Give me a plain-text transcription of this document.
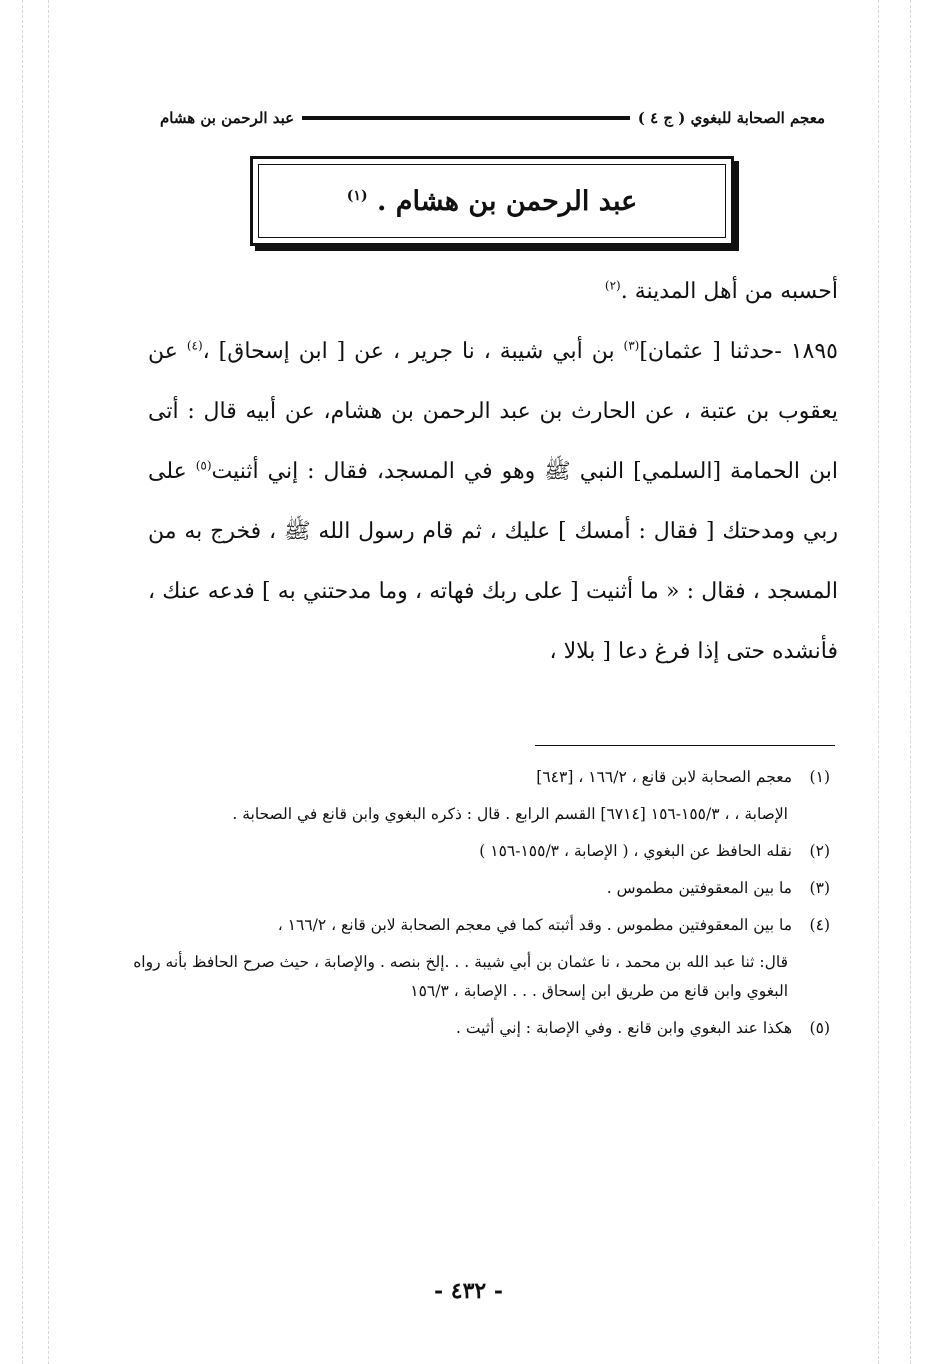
معجم الصحابة للبغوي ( ج ٤ )
عبد الرحمن بن هشام
عبد الرحمن بن هشام . $^{(١)}$

أحسبه من أهل المدينة .$^{(٢)}$

١٨٩٥ -حدثنا [ عثمان]$^{(٣)}$ بن أبي شيبة ، نا جرير ، عن [ ابن إسحاق] ،$^{(٤)}$ عن يعقوب بن عتبة ، عن الحارث بن عبد الرحمن بن هشام، عن أبيه قال : أتى ابن الحمامة [السلمي] النبي ﷺ وهو في المسجد، فقال : إني أثنيت$^{(٥)}$ على ربي ومدحتك [ فقال : أمسك ] عليك ، ثم قام رسول الله ﷺ ، فخرج به من المسجد ، فقال : « ما أثنيت [ على ربك فهاته ، وما مدحتني به ] فدعه عنك ، فأنشده حتى إذا فرغ دعا [ بلالا ،

(١)معجم الصحابة لابن قانع ، ١٦٦/٢ ، [٦٤٣]

الإصابة ، ، ١٥٥/٣-١٥٦ [٦٧١٤] القسم الرابع . قال : ذكره البغوي وابن قانع في الصحابة .

(٢)نقله الحافظ عن البغوي ، ( الإصابة ، ١٥٥/٣-١٥٦ )

(٣)ما بين المعقوفتين مطموس .

(٤)ما بين المعقوفتين مطموس . وقد أثبته كما في معجم الصحابة لابن قانع ، ١٦٦/٢ ،

قال: ثنا عبد الله بن محمد ، نا عثمان بن أبي شيبة . . .إلخ بنصه . والإصابة ، حيث صرح الحافظ بأنه رواه البغوي وابن قانع من طريق ابن إسحاق . . . الإصابة ، ١٥٦/٣

(٥)هكذا عند البغوي وابن قانع . وفي الإصابة : إني أثيت .

- ٤٣٢ -
